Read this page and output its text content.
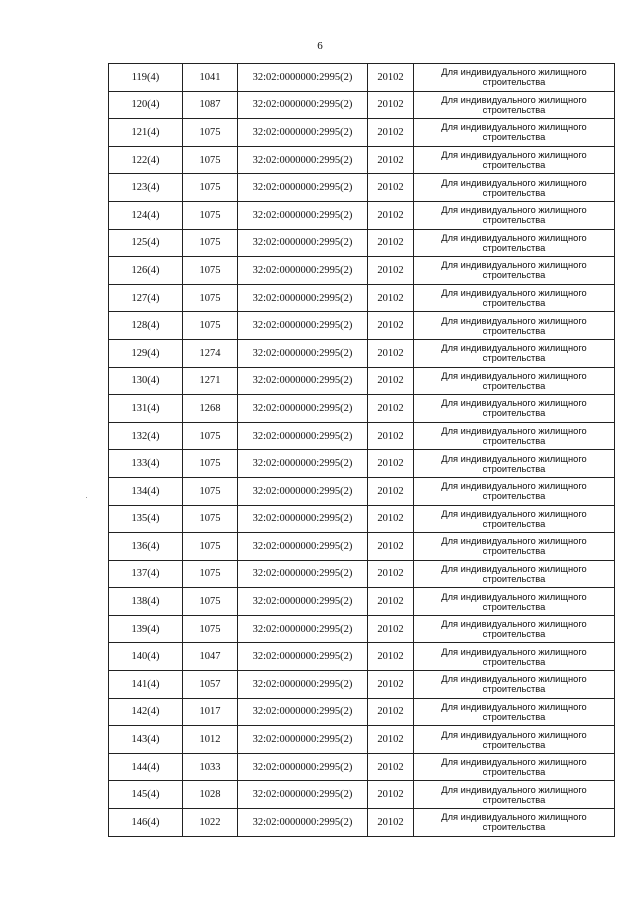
6
119(4)	1041	32:02:0000000:2995(2)	20102	Для индивидуального жилищного
строительства

120(4)	1087	32:02:0000000:2995(2)	20102	Для индивидуального жилищного
строительства

121(4)	1075	32:02:0000000:2995(2)	20102	Для индивидуального жилищного
строительства

122(4)	1075	32:02:0000000:2995(2)	20102	Для индивидуального жилищного
строительства

123(4)	1075	32:02:0000000:2995(2)	20102	Для индивидуального жилищного
строительства

124(4)	1075	32:02:0000000:2995(2)	20102	Для индивидуального жилищного
строительства

125(4)	1075	32:02:0000000:2995(2)	20102	Для индивидуального жилищного
строительства

126(4)	1075	32:02:0000000:2995(2)	20102	Для индивидуального жилищного
строительства

127(4)	1075	32:02:0000000:2995(2)	20102	Для индивидуального жилищного
строительства

128(4)	1075	32:02:0000000:2995(2)	20102	Для индивидуального жилищного
строительства

129(4)	1274	32:02:0000000:2995(2)	20102	Для индивидуального жилищного
строительства

130(4)	1271	32:02:0000000:2995(2)	20102	Для индивидуального жилищного
строительства

131(4)	1268	32:02:0000000:2995(2)	20102	Для индивидуального жилищного
строительства

132(4)	1075	32:02:0000000:2995(2)	20102	Для индивидуального жилищного
строительства

133(4)	1075	32:02:0000000:2995(2)	20102	Для индивидуального жилищного
строительства

134(4)	1075	32:02:0000000:2995(2)	20102	Для индивидуального жилищного
строительства

135(4)	1075	32:02:0000000:2995(2)	20102	Для индивидуального жилищного
строительства

136(4)	1075	32:02:0000000:2995(2)	20102	Для индивидуального жилищного
строительства

137(4)	1075	32:02:0000000:2995(2)	20102	Для индивидуального жилищного
строительства

138(4)	1075	32:02:0000000:2995(2)	20102	Для индивидуального жилищного
строительства

139(4)	1075	32:02:0000000:2995(2)	20102	Для индивидуального жилищного
строительства

140(4)	1047	32:02:0000000:2995(2)	20102	Для индивидуального жилищного
строительства

141(4)	1057	32:02:0000000:2995(2)	20102	Для индивидуального жилищного
строительства

142(4)	1017	32:02:0000000:2995(2)	20102	Для индивидуального жилищного
строительства

143(4)	1012	32:02:0000000:2995(2)	20102	Для индивидуального жилищного
строительства

144(4)	1033	32:02:0000000:2995(2)	20102	Для индивидуального жилищного
строительства

145(4)	1028	32:02:0000000:2995(2)	20102	Для индивидуального жилищного
строительства

146(4)	1022	32:02:0000000:2995(2)	20102	Для индивидуального жилищного
строительства
